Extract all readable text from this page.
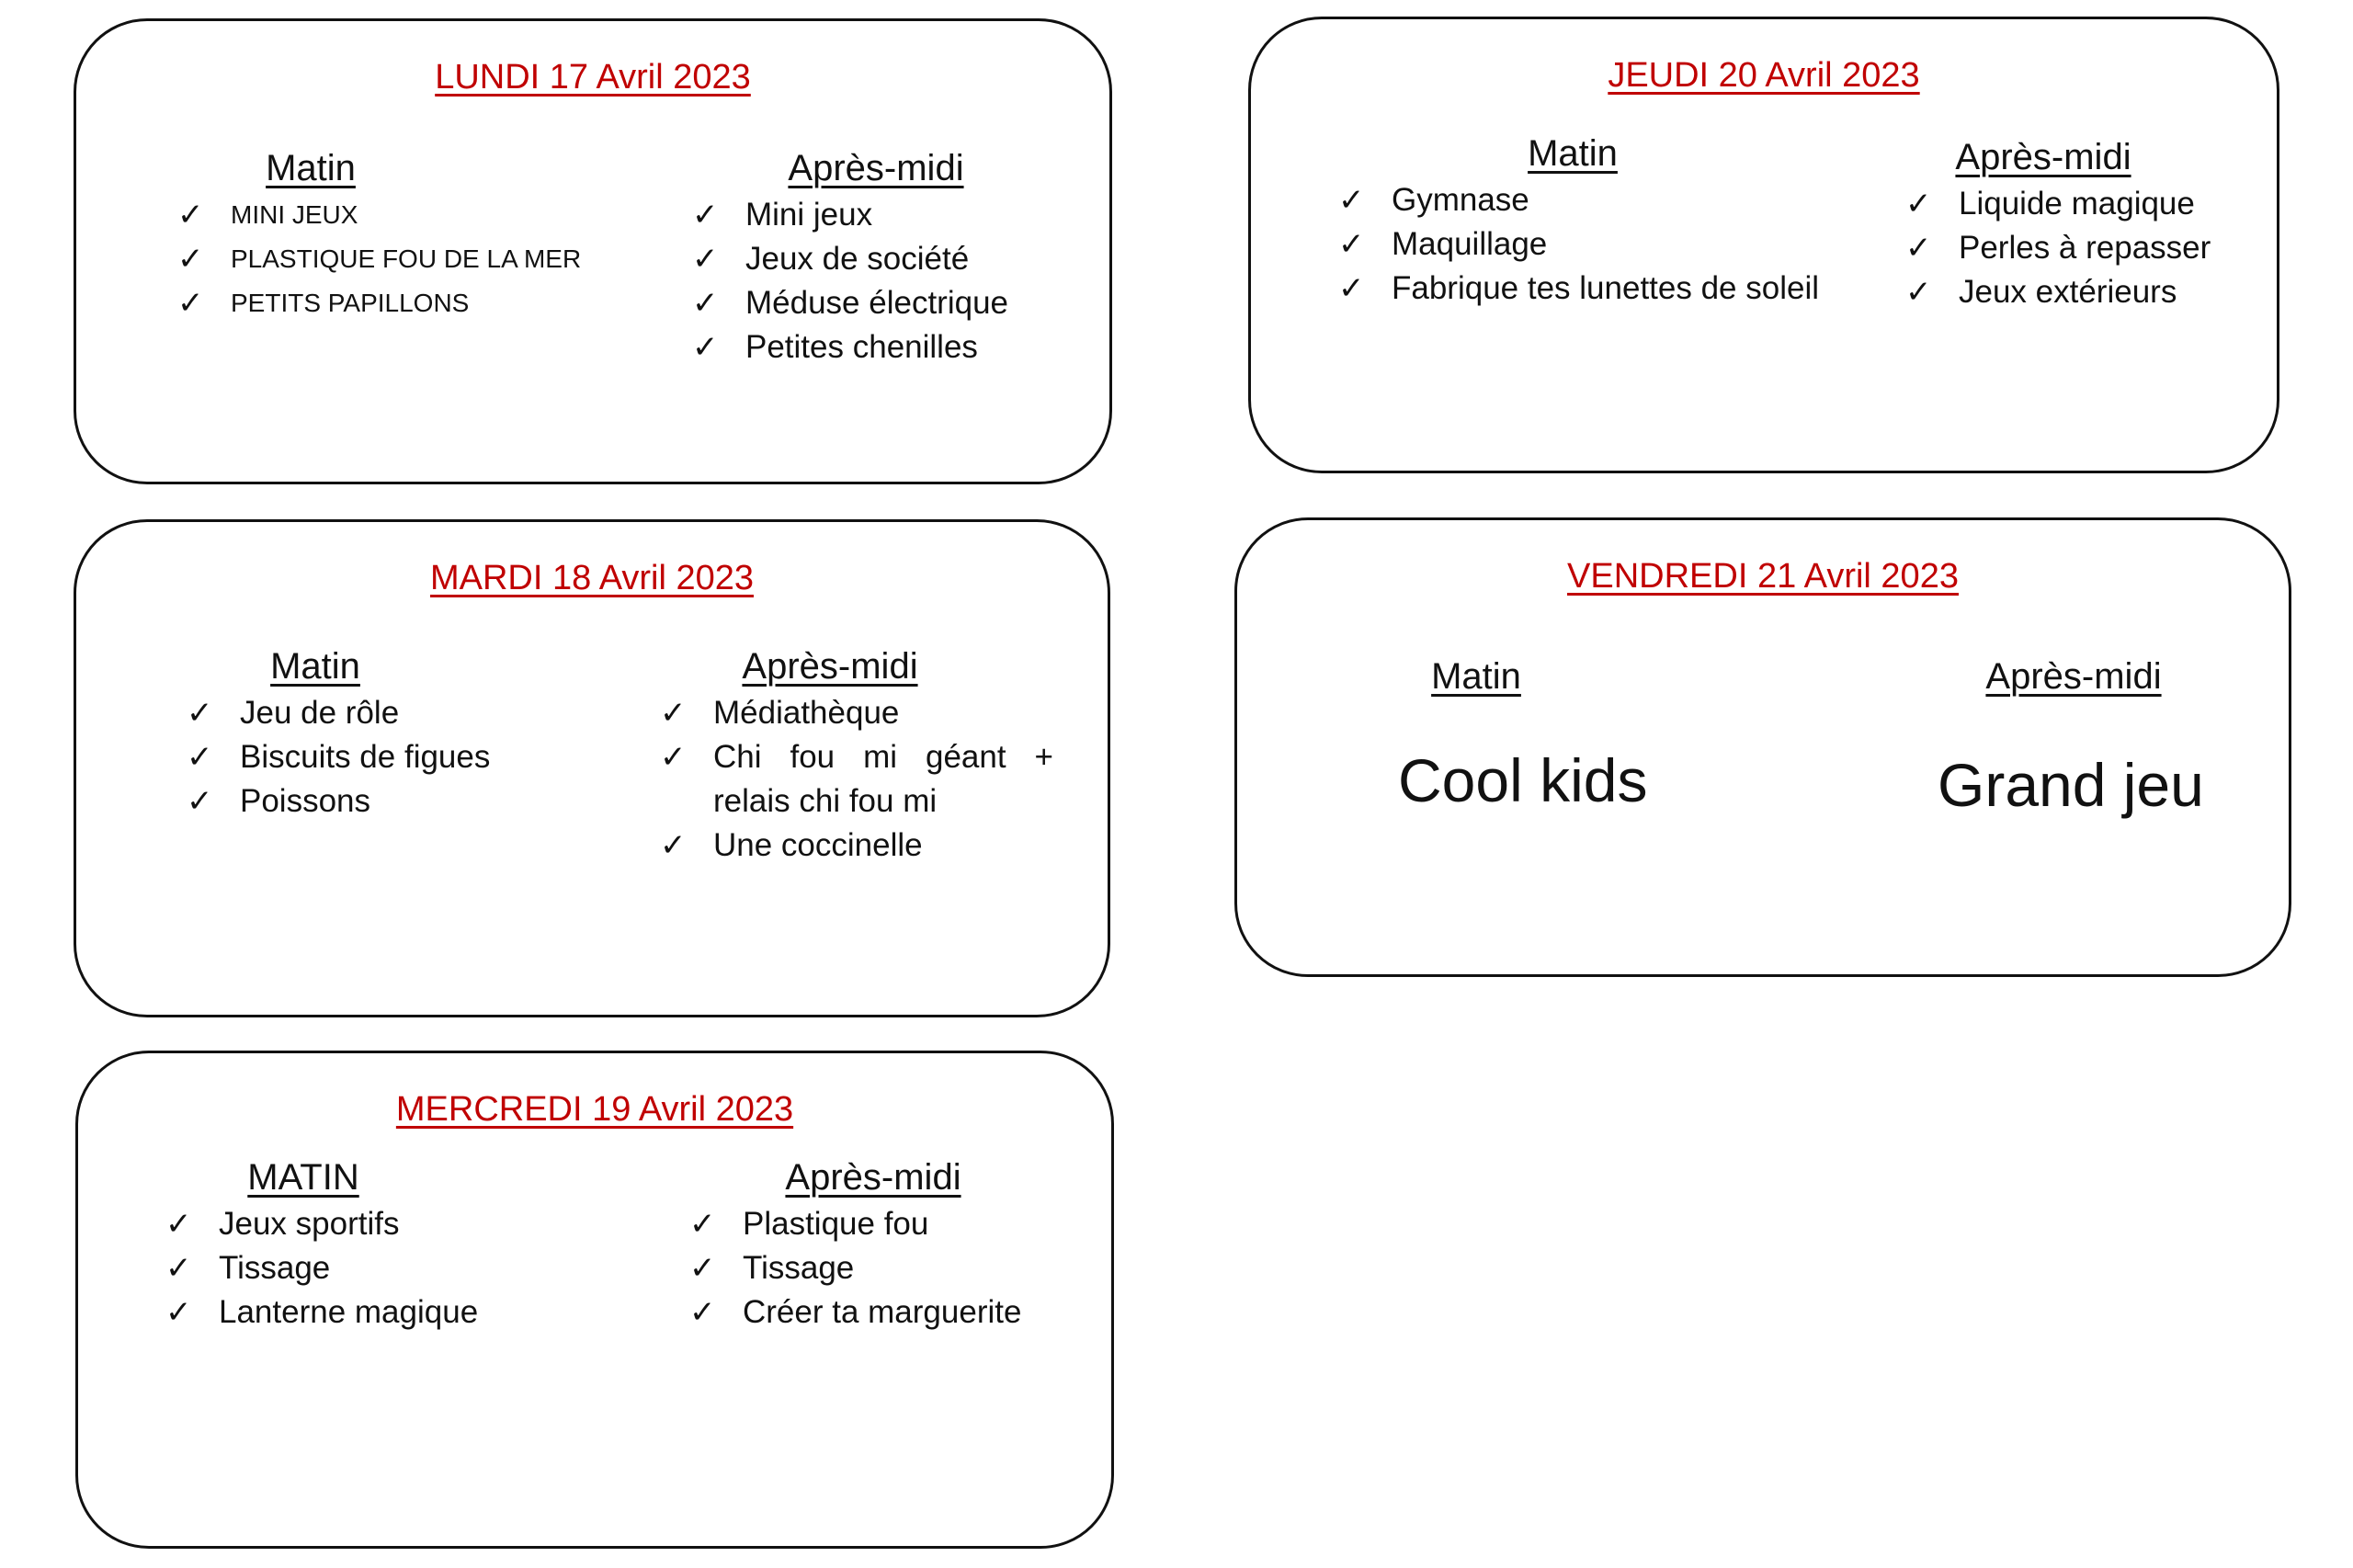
LUNDI 17 Avril 2023
Matin
✓	MINI JEUX
✓	PLASTIQUE FOU DE LA MER
✓	PETITS PAPILLONS
Après-midi
✓ Mini jeux
✓ Jeux de société
✓ Méduse électrique
✓ Petites chenilles
MARDI 18 Avril 2023
Matin
✓ Jeu de rôle
✓ Biscuits de figues
✓ Poissons
Après-midi
✓ Médiathèque
✓ Chi fou mi géant + relais chi fou mi
✓ Une coccinelle
MERCREDI 19 Avril 2023
MATIN
✓ Jeux sportifs
✓ Tissage
✓ Lanterne magique
Après-midi
✓ Plastique fou
✓ Tissage
✓ Créer ta marguerite
JEUDI 20 Avril 2023
Matin
✓ Gymnase
✓ Maquillage
✓ Fabrique tes lunettes de soleil
Après-midi
✓ Liquide magique
✓ Perles à repasser
✓ Jeux extérieurs
VENDREDI 21 Avril 2023
Matin
Cool kids
Après-midi
Grand jeu
